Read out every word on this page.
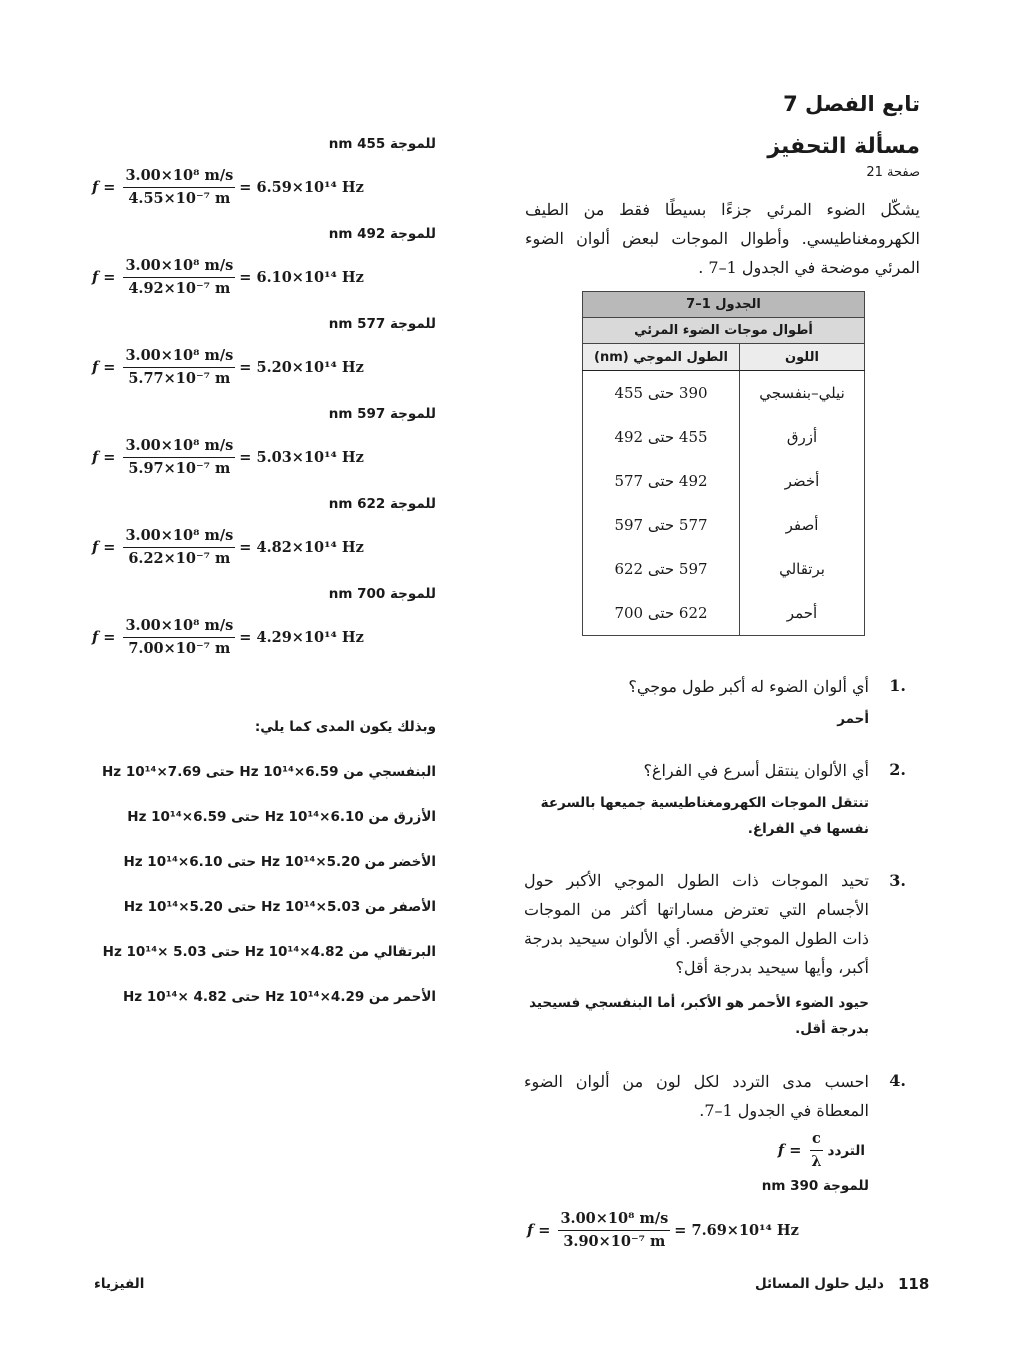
تابع الفصل 7
مسألة التحفيز
صفحة 21
يشكّل الضوء المرئي جزءًا بسيطًا فقط من الطيف الكهرومغناطيسي. وأطوال الموجات لبعض ألوان الضوء المرئي موضحة في الجدول 1–7 .
الجدول 1–7	
أطوال موجات الضوء المرئي	
اللون	الطول الموجي (nm)
نيلي–بنفسجي	390 حتى 455
أزرق	455 حتى 492
أخضر	492 حتى 577
أصفر	577 حتى 597
برتقالي	597 حتى 622
أحمر	622 حتى 700
1.
أي ألوان الضوء له أكبر طول موجي؟
أحمر
2.
أي الألوان ينتقل أسرع في الفراغ؟
تنتقل الموجات الكهرومغناطيسية جميعها بالسرعة نفسها في الفراغ.
3.
تحيد الموجات ذات الطول الموجي الأكبر حول الأجسام التي تعترض مساراتها أكثر من الموجات ذات الطول الموجي الأقصر. أي الألوان سيحيد بدرجة أكبر، وأيها سيحيد بدرجة أقل؟
حيود الضوء الأحمر هو الأكبر، أما البنفسجي فسيحيد بدرجة أقل.
4.
احسب مدى التردد لكل لون من ألوان الضوء المعطاة في الجدول 1–7.
التردد
$\frac{c}{\lambda}$
f =
للموجة 390 nm
$f = \frac{\text{3.00×10⁸ m/s}}{\text{3.90×10⁻⁷ m}} = 7.69\times 10^{14}$ Hz
للموجة 455 nm
$f = \frac{\text{3.00×10⁸ m/s}}{\text{4.55×10⁻⁷ m}} = 6.59\times 10^{14}$ Hz
للموجة 492 nm
$f = \frac{\text{3.00×10⁸ m/s}}{\text{4.92×10⁻⁷ m}} = 6.10\times 10^{14}$ Hz
للموجة 577 nm
$f = \frac{\text{3.00×10⁸ m/s}}{\text{5.77×10⁻⁷ m}} = 5.20\times 10^{14}$ Hz
للموجة 597 nm
$f = \frac{\text{3.00×10⁸ m/s}}{\text{5.97×10⁻⁷ m}} = 5.03\times 10^{14}$ Hz
للموجة 622 nm
$f = \frac{\text{3.00×10⁸ m/s}}{\text{6.22×10⁻⁷ m}} = 4.82\times 10^{14}$ Hz
للموجة 700 nm
$f = \frac{\text{3.00×10⁸ m/s}}{\text{7.00×10⁻⁷ m}} = 4.29\times 10^{14}$ Hz
وبذلك يكون المدى كما يلي:
البنفسجي من 6.59×10¹⁴ Hz حتى 7.69×10¹⁴ Hz
الأزرق من 6.10×10¹⁴ Hz حتى 6.59×10¹⁴ Hz
الأخضر من 5.20×10¹⁴ Hz حتى 6.10×10¹⁴ Hz
الأصفر من 5.03×10¹⁴ Hz حتى 5.20×10¹⁴ Hz
البرتقالي من 4.82×10¹⁴ Hz حتى 5.03 ×10¹⁴ Hz
الأحمر من 4.29×10¹⁴ Hz حتى 4.82 ×10¹⁴ Hz
118
دليل حلول المسائل
الفيزياء
